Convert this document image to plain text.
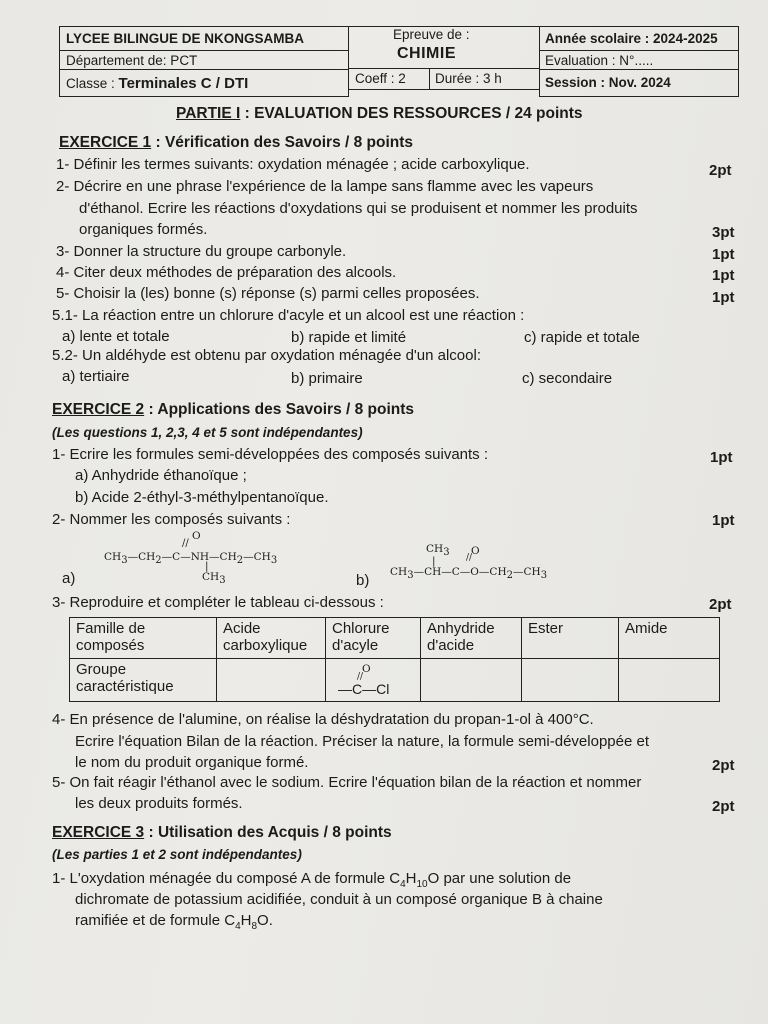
LYCEE BILINGUE DE NKONGSAMBA
Département de: PCT
Classe : Terminales C / DTI
Epreuve de :
CHIMIE
Coeff : 2 Durée : 3 h
Année scolaire : 2024-2025
Evaluation : N°.....
Session : Nov. 2024
PARTIE I : EVALUATION DES RESSOURCES / 24 points
EXERCICE 1 : Vérification des Savoirs / 8 points
1- Définir les termes suivants: oxydation ménagée ; acide carboxylique.	2pt
2- Décrire en une phrase l'expérience de la lampe sans flamme avec les vapeurs
d'éthanol. Ecrire les réactions d'oxydations qui se produisent et nommer les produits
organiques formés.	3pt
3- Donner la structure du groupe carbonyle.	1pt
4- Citer deux méthodes de préparation des alcools.	1pt
5- Choisir la (les) bonne (s) réponse (s) parmi celles proposées.	1pt
5.1- La réaction entre un chlorure d'acyle et un alcool est une réaction :
a) lente et totale	b) rapide et limité	c) rapide et totale
5.2- Un aldéhyde est obtenu par oxydation ménagée d'un alcool:
a) tertiaire	b) primaire	c) secondaire
EXERCICE 2 : Applications des Savoirs / 8 points
(Les questions 1, 2,3, 4 et 5 sont indépendantes)
1- Ecrire les formules semi-développées des composés suivants :	1pt
a) Anhydride éthanoïque ;
b) Acide 2-éthyl-3-méthylpentanoïque.
2- Nommer les composés suivants :	1pt
O
//
$CH_3—CH_2—C—NH—CH_2—CH_3$
|
$CH_3$
a)
$CH_3$ O
//
|
$CH_3—CH—C—O—CH_2—CH_3$
b)
3- Reproduire et compléter le tableau ci-dessous :	2pt
Famille de composés	Acide carboxylique	Chlorure d'acyle	Anhydride d'acide	Ester	Amide
Groupe caractéristique		O
//
—C—Cl			

4- En présence de l'alumine, on réalise la déshydratation du propan-1-ol à 400°C.
Ecrire l'équation Bilan de la réaction. Préciser la nature, la formule semi-développée et
le nom du produit organique formé.	2pt
5- On fait réagir l'éthanol avec le sodium. Ecrire l'équation bilan de la réaction et nommer
les deux produits formés.	2pt
EXERCICE 3 : Utilisation des Acquis / 8 points
(Les parties 1 et 2 sont indépendantes)
1- L'oxydation ménagée du composé A de formule $C_4H_{10}O$ par une solution de
dichromate de potassium acidifiée, conduit à un composé organique B à chaine
ramifiée et de formule $C_4H_8O$.
